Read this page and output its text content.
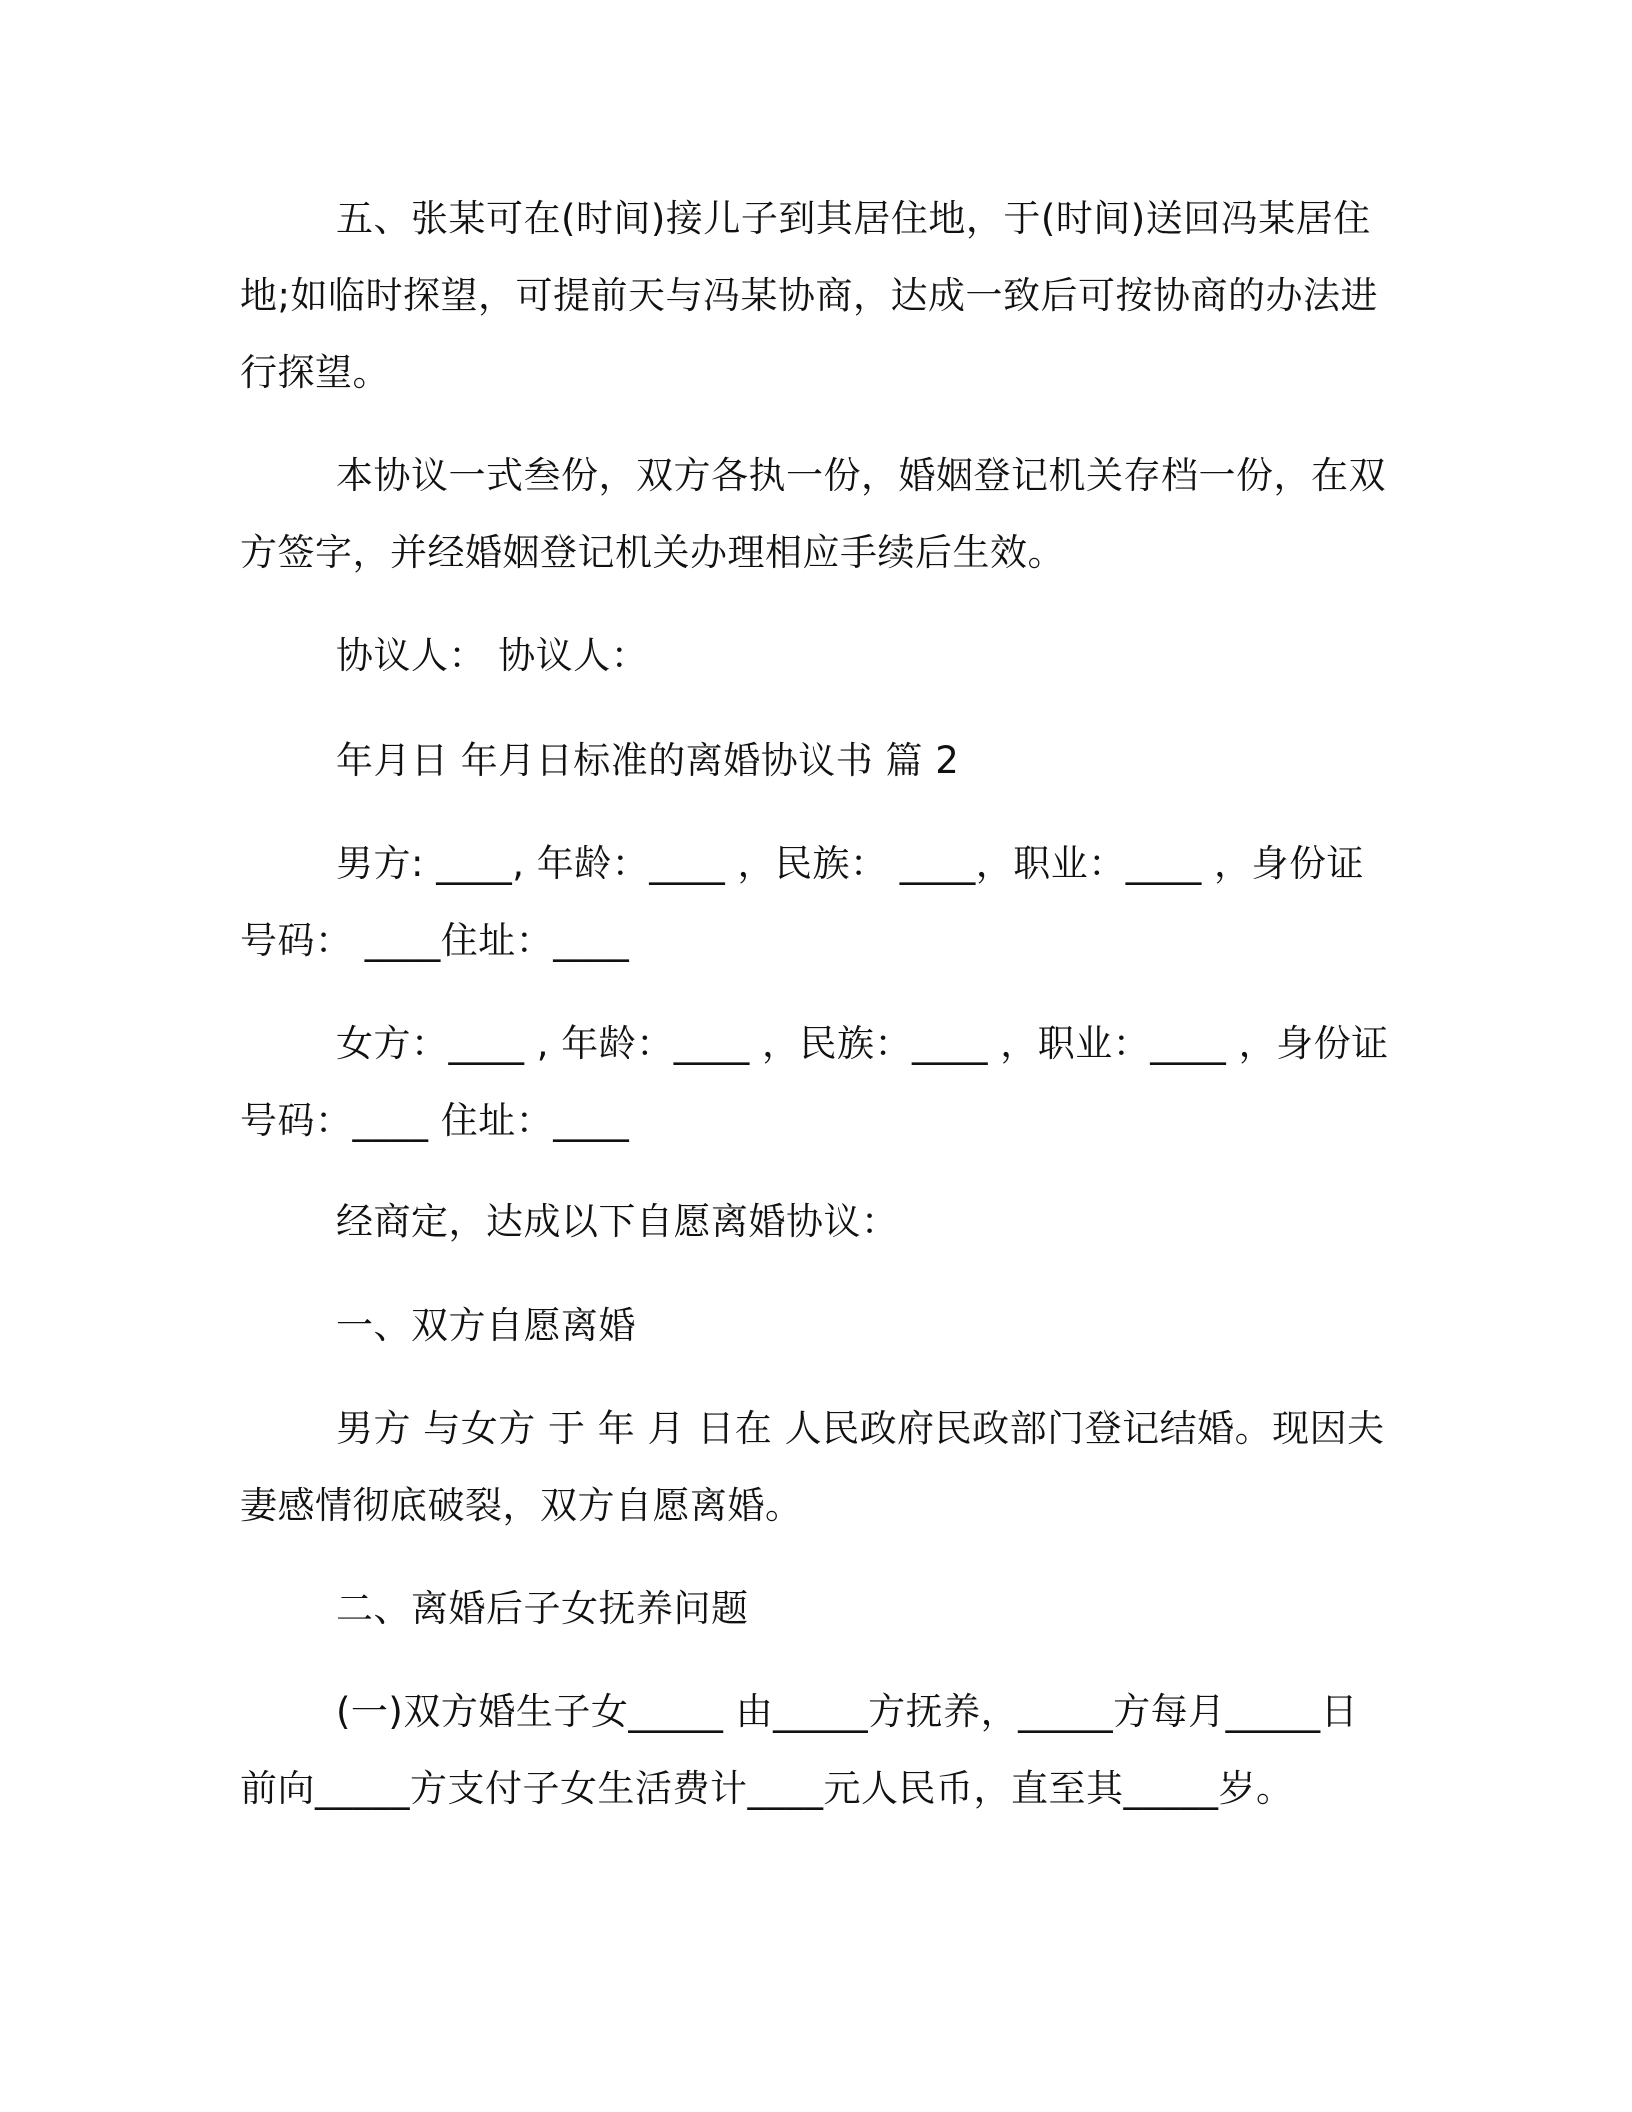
五、张某可在(时间)接儿子到其居住地，于(时间)送回冯某居住地;如临时探望，可提前天与冯某协商，达成一致后可按协商的办法进行探望。

本协议一式叁份，双方各执一份，婚姻登记机关存档一份，在双方签字，并经婚姻登记机关办理相应手续后生效。

协议人： 协议人：

年月日 年月日标准的离婚协议书 篇 2

男方: ____, 年龄：____ ，民族： ____，职业：____ ，身份证号码： ____住址：____

女方：____ , 年龄：____ ，民族：____ ，职业：____ ，身份证号码：____ 住址：____

经商定，达成以下自愿离婚协议：

一、双方自愿离婚

男方 与女方 于 年 月 日在 人民政府民政部门登记结婚。现因夫妻感情彻底破裂，双方自愿离婚。

二、离婚后子女抚养问题

(一)双方婚生子女_____ 由_____方抚养，_____方每月_____日前向_____方支付子女生活费计____元人民币，直至其_____岁。
